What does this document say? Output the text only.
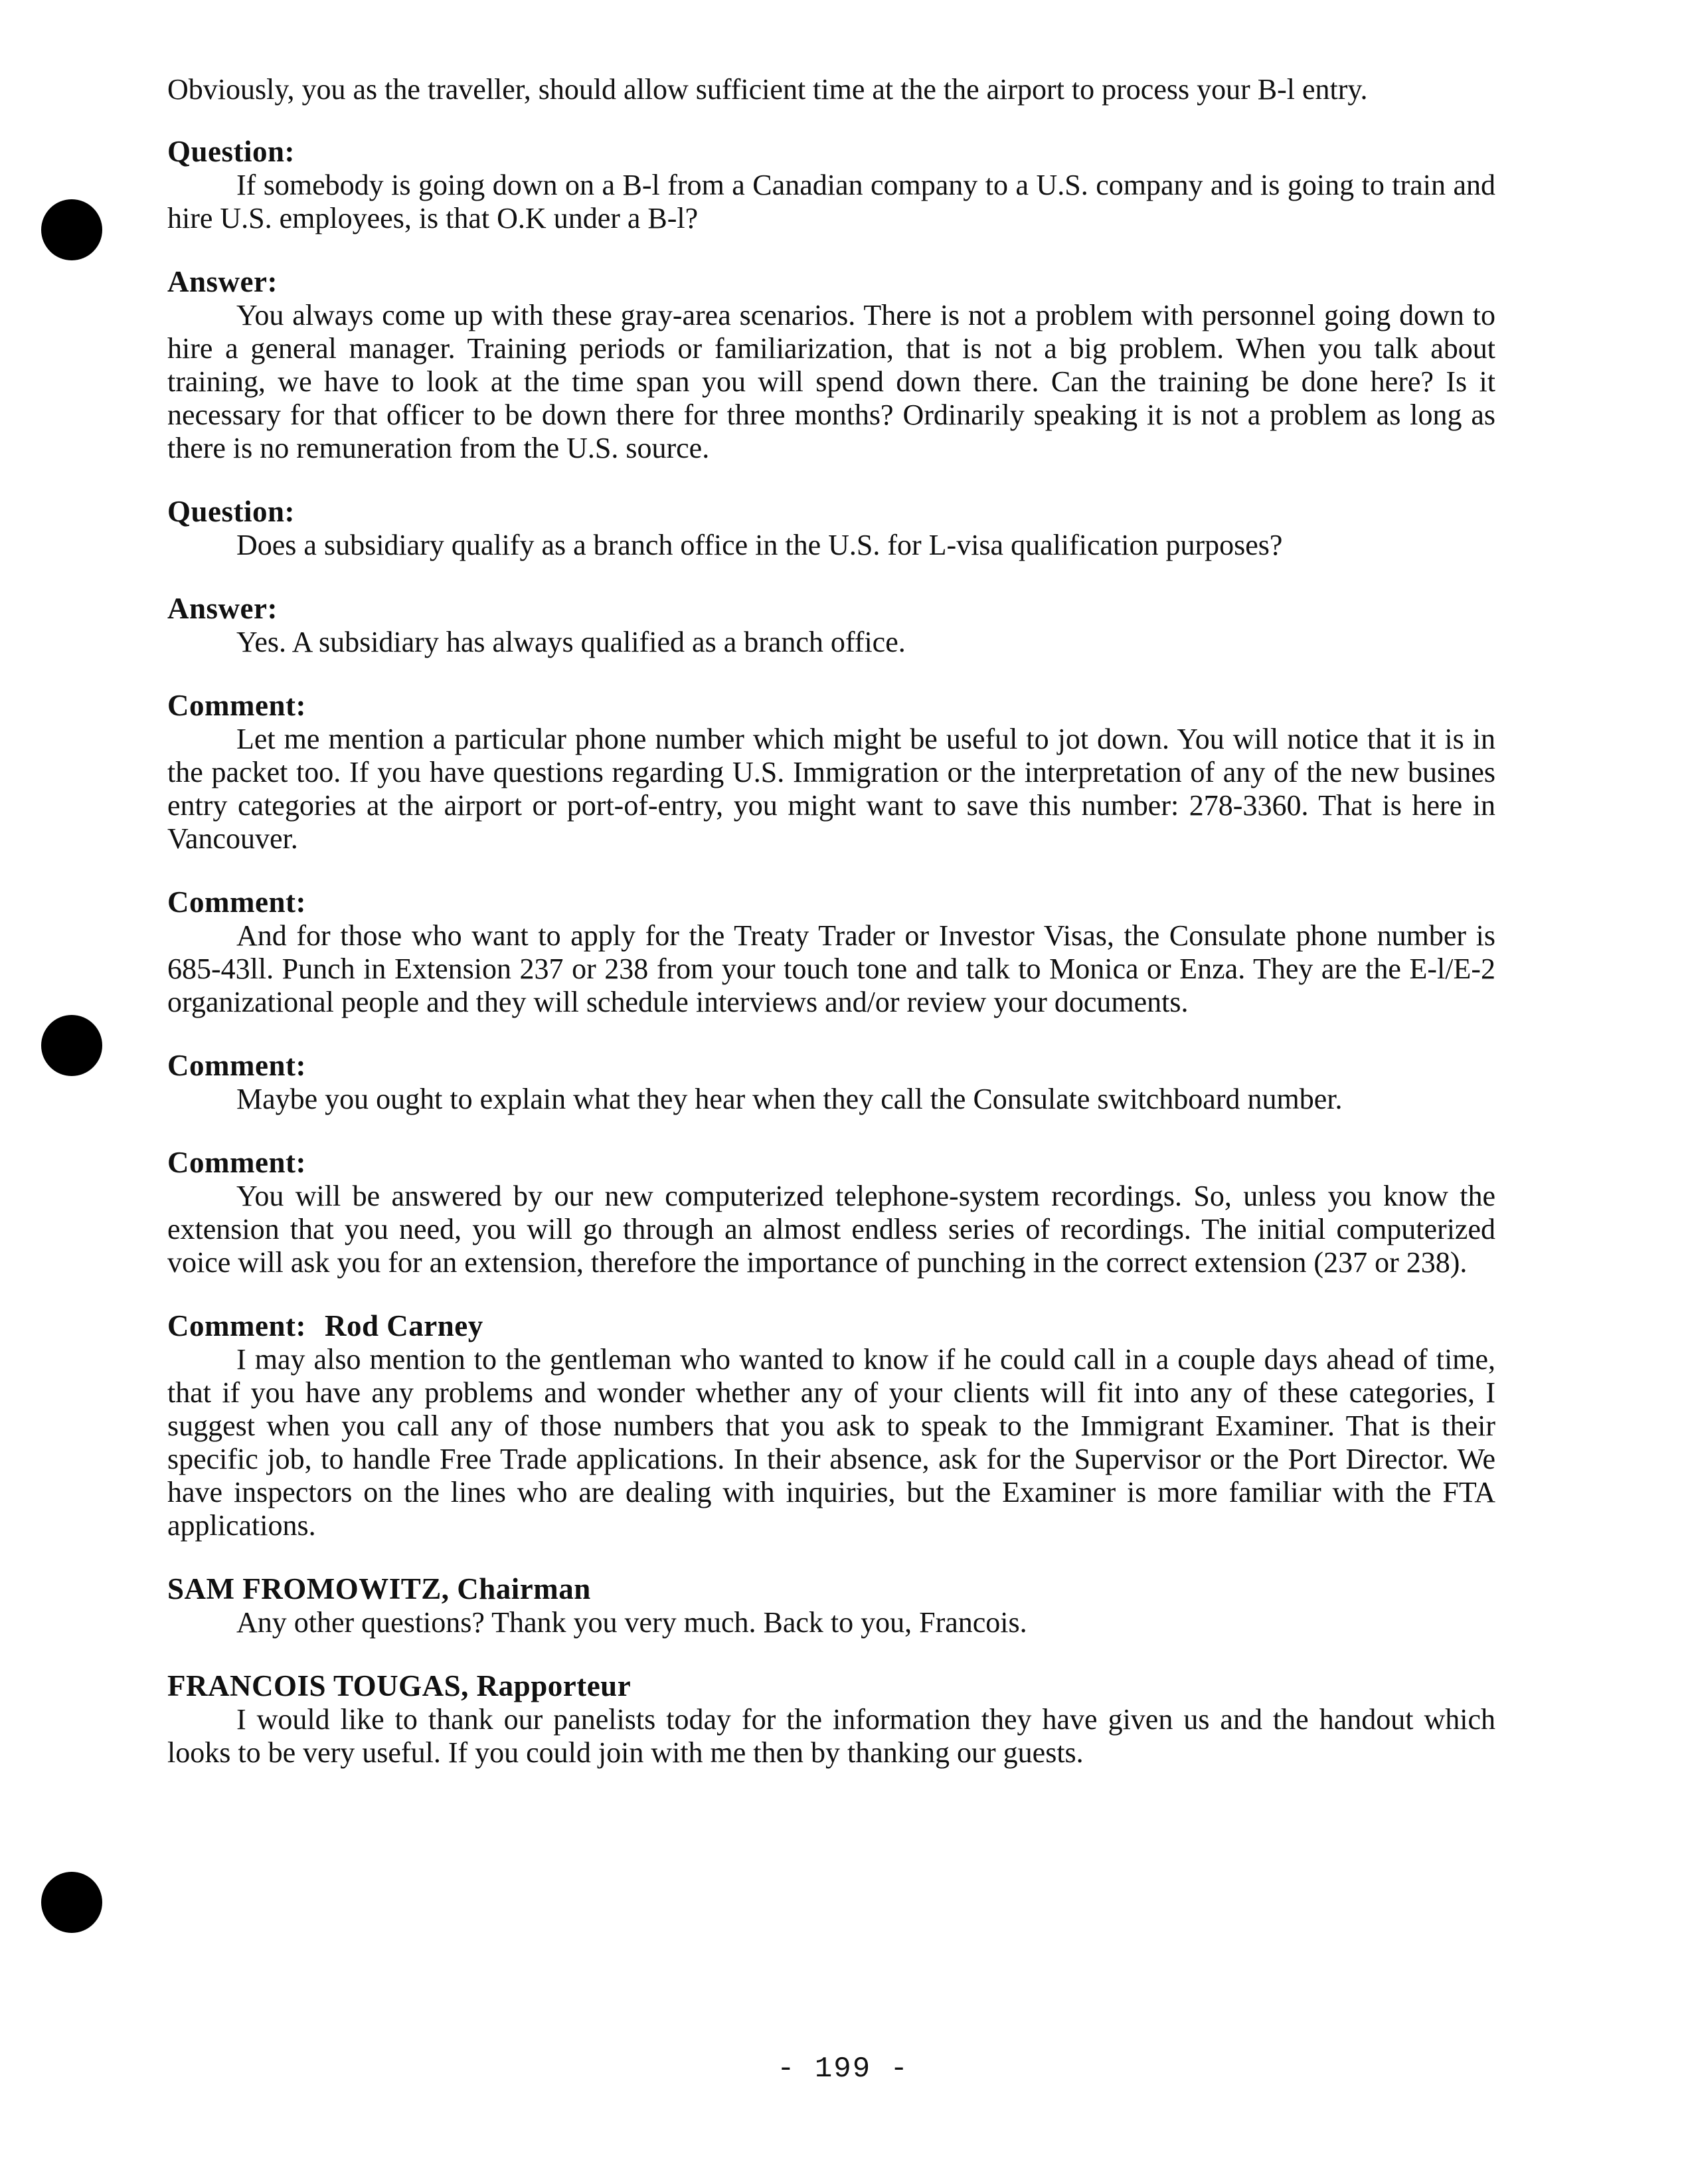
Obviously, you as the traveller, should allow sufficient time at the the airport to process your B-l entry.

Question:

If somebody is going down on a B-l from a Canadian company to a U.S. company and is going to train and hire U.S. employees, is that O.K under a B-l?

Answer:

You always come up with these gray-area scenarios. There is not a problem with personnel going down to hire a general manager. Training periods or familiarization, that is not a big problem. When you talk about training, we have to look at the time span you will spend down there. Can the training be done here? Is it necessary for that officer to be down there for three months? Ordinarily speaking it is not a problem as long as there is no remuneration from the U.S. source.

Question:

Does a subsidiary qualify as a branch office in the U.S. for L-visa qualification purposes?

Answer:

Yes. A subsidiary has always qualified as a branch office.

Comment:

Let me mention a particular phone number which might be useful to jot down. You will notice that it is in the packet too. If you have questions regarding U.S. Immigration or the interpretation of any of the new busines entry categories at the airport or port-of-entry, you might want to save this number: 278-3360. That is here in Vancouver.

Comment:

And for those who want to apply for the Treaty Trader or Investor Visas, the Consulate phone number is 685-43ll. Punch in Extension 237 or 238 from your touch tone and talk to Monica or Enza. They are the E-l/E-2 organizational people and they will schedule interviews and/or review your documents.

Comment:

Maybe you ought to explain what they hear when they call the Consulate switchboard number.

Comment:

You will be answered by our new computerized telephone-system recordings. So, unless you know the extension that you need, you will go through an almost endless series of recordings. The initial computerized voice will ask you for an extension, therefore the importance of punching in the correct extension (237 or 238).

Comment: Rod Carney

I may also mention to the gentleman who wanted to know if he could call in a couple days ahead of time, that if you have any problems and wonder whether any of your clients will fit into any of these categories, I suggest when you call any of those numbers that you ask to speak to the Immigrant Examiner. That is their specific job, to handle Free Trade applications. In their absence, ask for the Supervisor or the Port Director. We have inspectors on the lines who are dealing with inquiries, but the Examiner is more familiar with the FTA applications.

SAM FROMOWITZ, Chairman

Any other questions? Thank you very much. Back to you, Francois.

FRANCOIS TOUGAS, Rapporteur

I would like to thank our panelists today for the information they have given us and the handout which looks to be very useful. If you could join with me then by thanking our guests.

- 199 -
